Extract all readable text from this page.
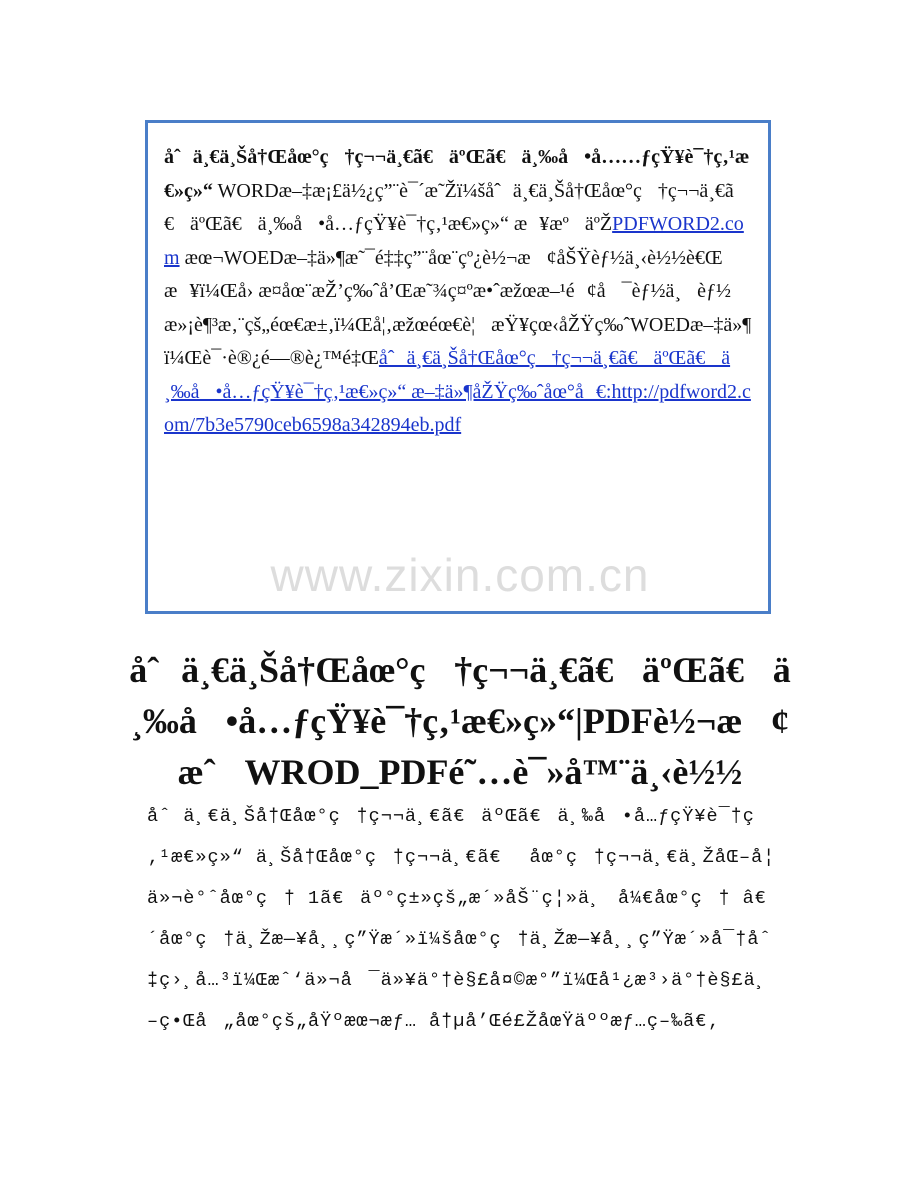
åˆä¸€ä¸Šå†Œåœ°ç†ç¬¬ä¸€ã€äºŒã€ä¸‰å•å……ƒçŸ¥è¯†ç‚¹æ€»ç»“ WORDæ–‡æ¡£ä½¿ç”¨è¯´æ˜Žï¼šåˆä¸€ä¸Šå†Œåœ°ç†ç¬¬ä¸€ã€äºŒã€ä¸‰å•å…ƒçŸ¥è¯†ç‚¹æ€»ç»“ æ¥æºäºŽPDFWORD2.com æœ¬WOEDæ–‡ä»¶æ˜¯é‡‡ç”¨åœ¨çº¿è½¬æ¢åŠŸèƒ½ä¸‹è½½è€Œæ¥ï¼Œå› æ¤åœ¨æŽ’ç‰ˆå’Œæ˜¾ç¤ºæ•ˆæžœæ–¹é¢å¯èƒ½ä¸èƒ½æ»¡è¶³æ‚¨çš„éœ€æ±‚ï¼Œå¦‚æžœéœ€è¦æŸ¥çœ‹åŽŸç‰ˆWOEDæ–‡ä»¶ï¼Œè¯·è®¿é—®è¿™é‡Œåˆä¸€ä¸Šå†Œåœ°ç†ç¬¬ä¸€ã€äºŒã€ä¸‰å•å…ƒçŸ¥è¯†ç‚¹æ€»ç»“ æ–‡ä»¶åŽŸç‰ˆåœ°å€:http://pdfword2.com/7b3e5790ceb6598a342894eb.pdf

www.zixin.com.cn
åˆä¸€ä¸Šå†Œåœ°ç†ç¬¬ä¸€ã€äºŒã€ä¸‰å•å…ƒçŸ¥è¯†ç‚¹æ€»ç»“|PDFè½¬æ¢æˆWROD_PDFé˜…è¯»å™¨ä¸‹è½½

åˆä¸€ä¸Šå†Œåœ°ç†ç¬¬ä¸€ã€äºŒã€ä¸‰å•å…ƒçŸ¥è¯†ç‚¹æ€»ç»“ ä¸Šå†Œåœ°ç†ç¬¬ä¸€ã€ åœ°ç†ç¬¬ä¸€ä¸ŽåŒ–å¦ä»¬è°ˆåœ°ç† 1ã€äº°ç±»çš„æ´»åŠ¨ç¦»ä¸å¼€åœ°ç† â€´åœ°ç†ä¸Žæ—¥å¸¸ç”Ÿæ´»ï¼šåœ°ç†ä¸Žæ—¥å¸¸ç”Ÿæ´»å¯†åˆ‡ç›¸å…³ï¼Œæˆ‘ä»¬å¯ä»¥ä°†è§£å¤©æ°”ï¼Œå¹¿æ³›ä°†è§£ä¸–ç•Œå„åœ°çš„åŸºæœ¬æƒ… å†µå’Œé£ŽåœŸäººæƒ…ç–‰ã€‚
